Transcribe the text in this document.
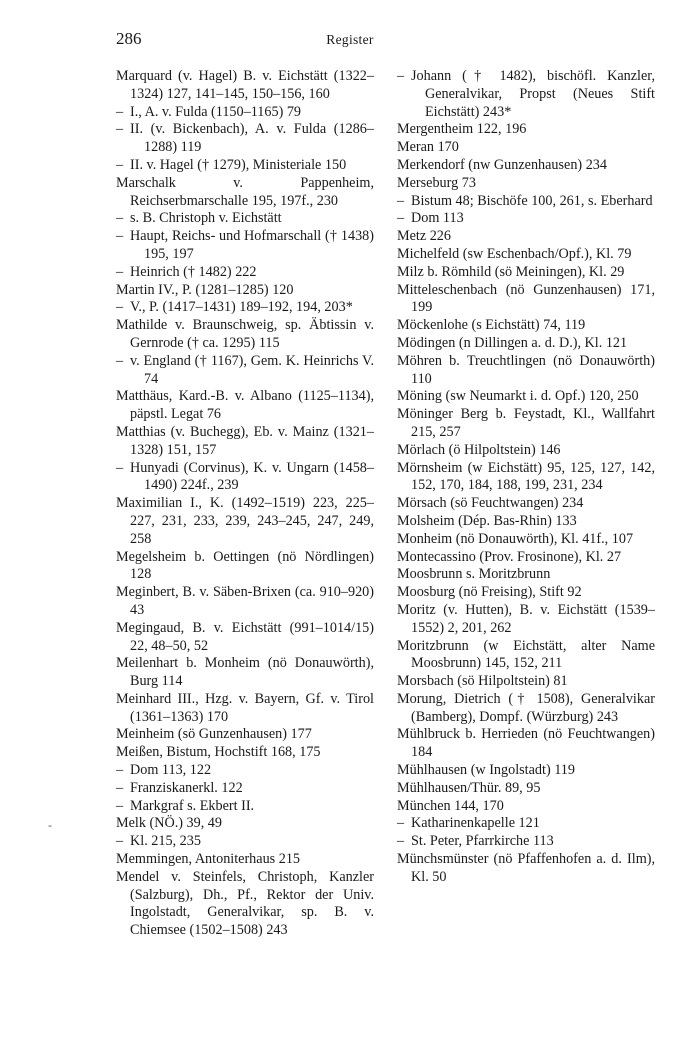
286	Register
-

Marquard (v. Hagel) B. v. Eichstätt (1322–1324) 127, 141–145, 150–156, 160

– I., A. v. Fulda (1150–1165) 79

– II. (v. Bickenbach), A. v. Fulda (1286–1288) 119

– II. v. Hagel († 1279), Ministeriale 150

Marschalk v. Pappenheim, Reichserbmarschalle 195, 197f., 230

– s. B. Christoph v. Eichstätt

– Haupt, Reichs- und Hofmarschall († 1438) 195, 197

– Heinrich († 1482) 222

Martin IV., P. (1281–1285) 120

– V., P. (1417–1431) 189–192, 194, 203*

Mathilde v. Braunschweig, sp. Äbtissin v. Gernrode († ca. 1295) 115

– v. England († 1167), Gem. K. Heinrichs V. 74

Matthäus, Kard.-B. v. Albano (1125–1134), päpstl. Legat 76

Matthias (v. Buchegg), Eb. v. Mainz (1321–1328) 151, 157

– Hunyadi (Corvinus), K. v. Ungarn (1458–1490) 224f., 239

Maximilian I., K. (1492–1519) 223, 225–227, 231, 233, 239, 243–245, 247, 249, 258

Megelsheim b. Oettingen (nö Nördlingen) 128

Meginbert, B. v. Säben-Brixen (ca. 910–920) 43

Megingaud, B. v. Eichstätt (991–1014/15) 22, 48–50, 52

Meilenhart b. Monheim (nö Donauwörth), Burg 114

Meinhard III., Hzg. v. Bayern, Gf. v. Tirol (1361–1363) 170

Meinheim (sö Gunzenhausen) 177

Meißen, Bistum, Hochstift 168, 175

– Dom 113, 122

– Franziskanerkl. 122

– Markgraf s. Ekbert II.

Melk (NÖ.) 39, 49

– Kl. 215, 235

Memmingen, Antoniterhaus 215

Mendel v. Steinfels, Christoph, Kanzler (Salzburg), Dh., Pf., Rektor der Univ. Ingolstadt, Generalvikar, sp. B. v. Chiemsee (1502–1508) 243

– Johann († 1482), bischöfl. Kanzler, Generalvikar, Propst (Neues Stift Eichstätt) 243*

Mergentheim 122, 196

Meran 170

Merkendorf (nw Gunzenhausen) 234

Merseburg 73

– Bistum 48; Bischöfe 100, 261, s. Eberhard

– Dom 113

Metz 226

Michelfeld (sw Eschenbach/Opf.), Kl. 79

Milz b. Römhild (sö Meiningen), Kl. 29

Mitteleschenbach (nö Gunzenhausen) 171, 199

Möckenlohe (s Eichstätt) 74, 119

Mödingen (n Dillingen a. d. D.), Kl. 121

Möhren b. Treuchtlingen (nö Donauwörth) 110

Möning (sw Neumarkt i. d. Opf.) 120, 250

Möninger Berg b. Feystadt, Kl., Wallfahrt 215, 257

Mörlach (ö Hilpoltstein) 146

Mörnsheim (w Eichstätt) 95, 125, 127, 142, 152, 170, 184, 188, 199, 231, 234

Mörsach (sö Feuchtwangen) 234

Molsheim (Dép. Bas-Rhin) 133

Monheim (nö Donauwörth), Kl. 41f., 107

Montecassino (Prov. Frosinone), Kl. 27

Moosbrunn s. Moritzbrunn

Moosburg (nö Freising), Stift 92

Moritz (v. Hutten), B. v. Eichstätt (1539–1552) 2, 201, 262

Moritzbrunn (w Eichstätt, alter Name Moosbrunn) 145, 152, 211

Morsbach (sö Hilpoltstein) 81

Morung, Dietrich († 1508), Generalvikar (Bamberg), Dompf. (Würzburg) 243

Mühlbruck b. Herrieden (nö Feuchtwangen) 184

Mühlhausen (w Ingolstadt) 119

Mühlhausen/Thür. 89, 95

München 144, 170

– Katharinenkapelle 121

– St. Peter, Pfarrkirche 113

Münchsmünster (nö Pfaffenhofen a. d. Ilm), Kl. 50
